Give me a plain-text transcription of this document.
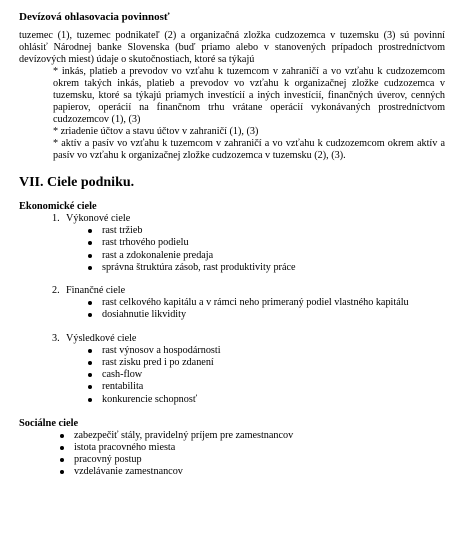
Devízová ohlasovacia povinnosť
tuzemec (1), tuzemec podnikateľ (2) a organizačná zložka cudzozemca v tuzemsku (3) sú povinní ohlásiť Národnej banke Slovenska (buď priamo alebo v stanovených prípadoch prostredníctvom devízových miest) údaje o skutočnostiach, ktoré sa týkajú
* inkás, platieb a prevodov vo vzťahu k tuzemcom v zahraničí a vo vzťahu k cudzozemcom okrem takých inkás, platieb a prevodov vo vzťahu k organizačnej zložke cudzozemca v tuzemsku, ktoré sa týkajú priamych investícií a iných investícií, finančných úverov, cenných papierov, operácií na finančnom trhu vrátane operácií vykonávaných prostredníctvom cudzozemcov (1), (3)
* zriadenie účtov a stavu účtov v zahraničí (1), (3)
* aktív a pasív vo vzťahu k tuzemcom v zahraničí a vo vzťahu k cudzozemcom okrem aktív a pasív vo vzťahu k organizačnej zložke cudzozemca v tuzemsku (2), (3).
VII. Ciele podniku.
Ekonomické ciele
1. Výkonové ciele
rast tržieb
rast trhového podielu
rast a zdokonalenie predaja
správna štruktúra zásob, rast produktivity práce
2. Finančné ciele
rast celkového kapitálu a v rámci neho primeraný podiel vlastného kapitálu
dosiahnutie likvidity
3. Výsledkové ciele
rast výnosov a hospodárnosti
rast zisku pred i po zdanení
cash-flow
rentabilita
konkurencie schopnosť
Sociálne ciele
zabezpečiť stály, pravidelný príjem pre zamestnancov
istota pracovného miesta
pracovný postup
vzdelávanie zamestnancov
